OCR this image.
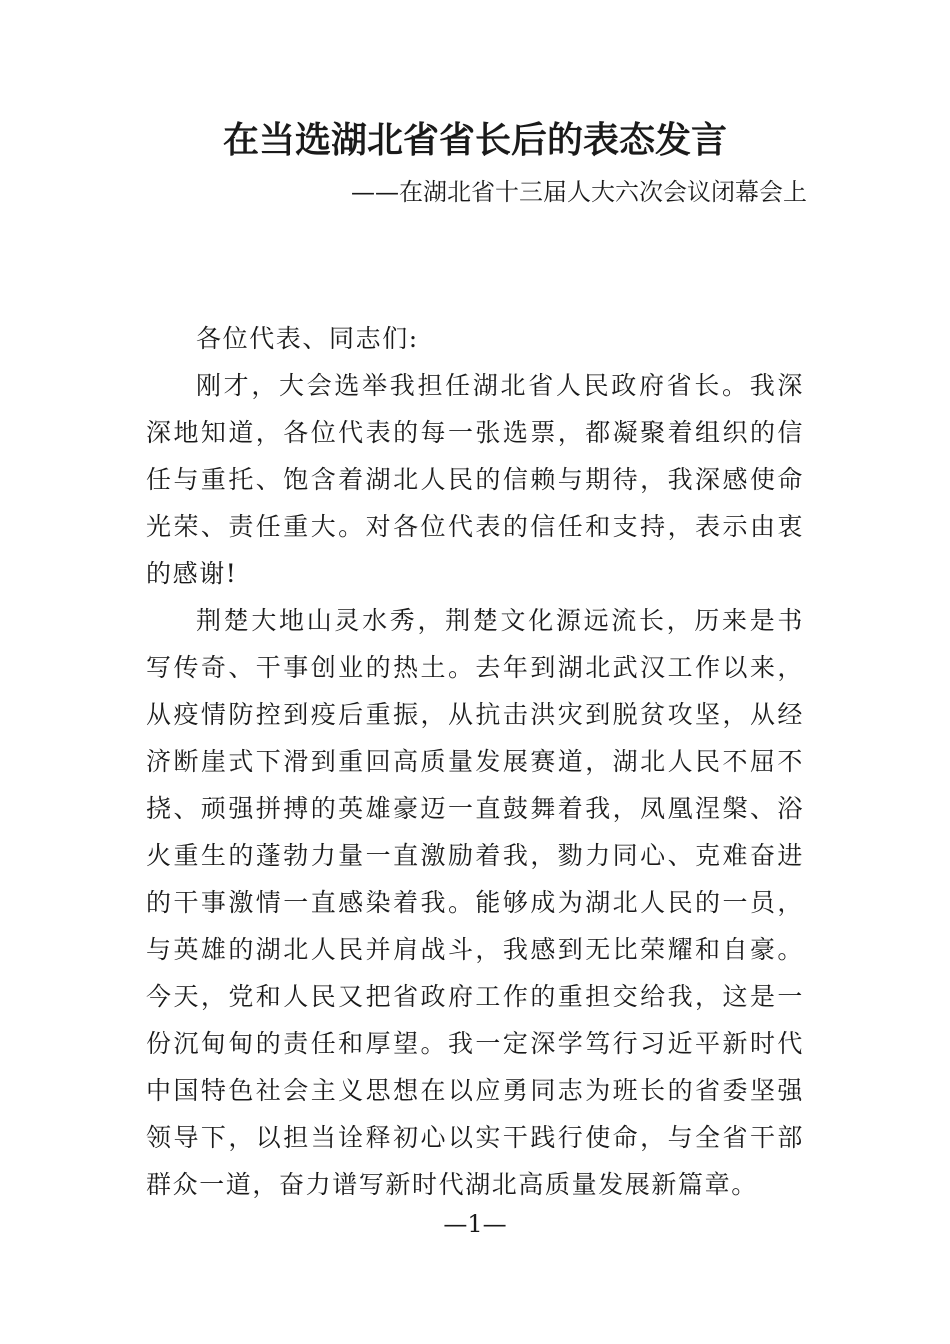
在当选湖北省省长后的表态发言
——在湖北省十三届人大六次会议闭幕会上

各位代表、同志们:

刚才，大会选举我担任湖北省人民政府省长。我深深地知道，各位代表的每一张选票，都凝聚着组织的信任与重托、饱含着湖北人民的信赖与期待，我深感使命光荣、责任重大。对各位代表的信任和支持，表示由衷的感谢!

荆楚大地山灵水秀，荆楚文化源远流长，历来是书写传奇、干事创业的热土。去年到湖北武汉工作以来，从疫情防控到疫后重振，从抗击洪灾到脱贫攻坚，从经济断崖式下滑到重回高质量发展赛道，湖北人民不屈不挠、顽强拼搏的英雄豪迈一直鼓舞着我，凤凰涅槃、浴火重生的蓬勃力量一直激励着我，勠力同心、克难奋进的干事激情一直感染着我。能够成为湖北人民的一员，与英雄的湖北人民并肩战斗，我感到无比荣耀和自豪。今天，党和人民又把省政府工作的重担交给我，这是一份沉甸甸的责任和厚望。我一定深学笃行习近平新时代中国特色社会主义思想在以应勇同志为班长的省委坚强领导下，以担当诠释初心以实干践行使命，与全省干部群众一道，奋力谱写新时代湖北高质量发展新篇章。

—1—
